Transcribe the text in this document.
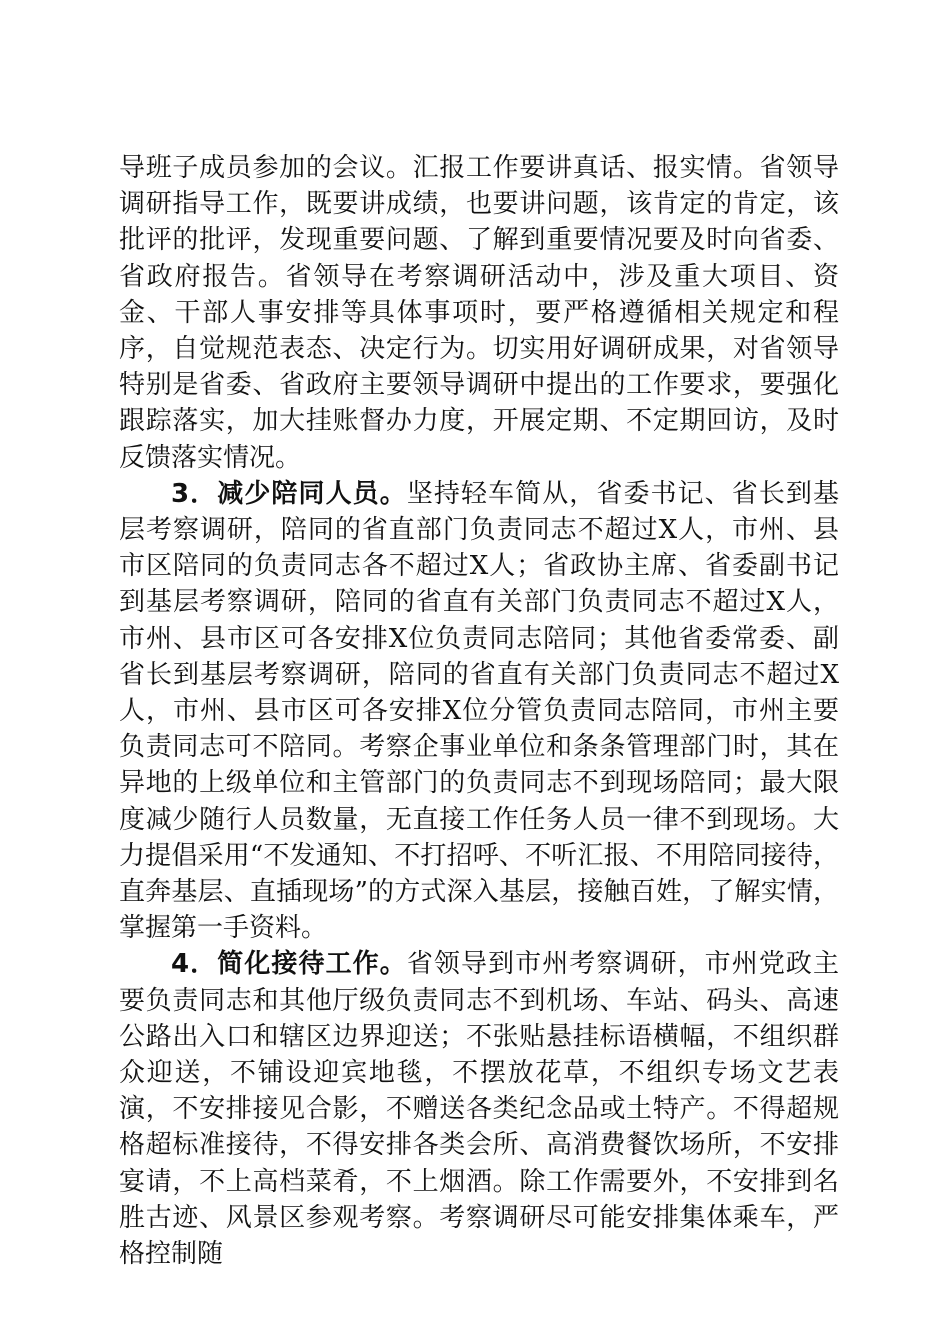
导班子成员参加的会议。汇报工作要讲真话、报实情。省领导调研指导工作，既要讲成绩，也要讲问题，该肯定的肯定，该批评的批评，发现重要问题、了解到重要情况要及时向省委、省政府报告。省领导在考察调研活动中，涉及重大项目、资金、干部人事安排等具体事项时，要严格遵循相关规定和程序，自觉规范表态、决定行为。切实用好调研成果，对省领导特别是省委、省政府主要领导调研中提出的工作要求，要强化跟踪落实，加大挂账督办力度，开展定期、不定期回访，及时反馈落实情况。

3．减少陪同人员。坚持轻车简从，省委书记、省长到基层考察调研，陪同的省直部门负责同志不超过X人，市州、县市区陪同的负责同志各不超过X人；省政协主席、省委副书记到基层考察调研，陪同的省直有关部门负责同志不超过X人，市州、县市区可各安排X位负责同志陪同；其他省委常委、副省长到基层考察调研，陪同的省直有关部门负责同志不超过X人，市州、县市区可各安排X位分管负责同志陪同，市州主要负责同志可不陪同。考察企事业单位和条条管理部门时，其在异地的上级单位和主管部门的负责同志不到现场陪同；最大限度减少随行人员数量，无直接工作任务人员一律不到现场。大力提倡采用“不发通知、不打招呼、不听汇报、不用陪同接待，直奔基层、直插现场”的方式深入基层，接触百姓，了解实情，掌握第一手资料。

4．简化接待工作。省领导到市州考察调研，市州党政主要负责同志和其他厅级负责同志不到机场、车站、码头、高速公路出入口和辖区边界迎送；不张贴悬挂标语横幅，不组织群众迎送，不铺设迎宾地毯，不摆放花草，不组织专场文艺表演，不安排接见合影，不赠送各类纪念品或土特产。不得超规格超标准接待，不得安排各类会所、高消费餐饮场所，不安排宴请，不上高档菜肴，不上烟酒。除工作需要外，不安排到名胜古迹、风景区参观考察。考察调研尽可能安排集体乘车，严格控制随
